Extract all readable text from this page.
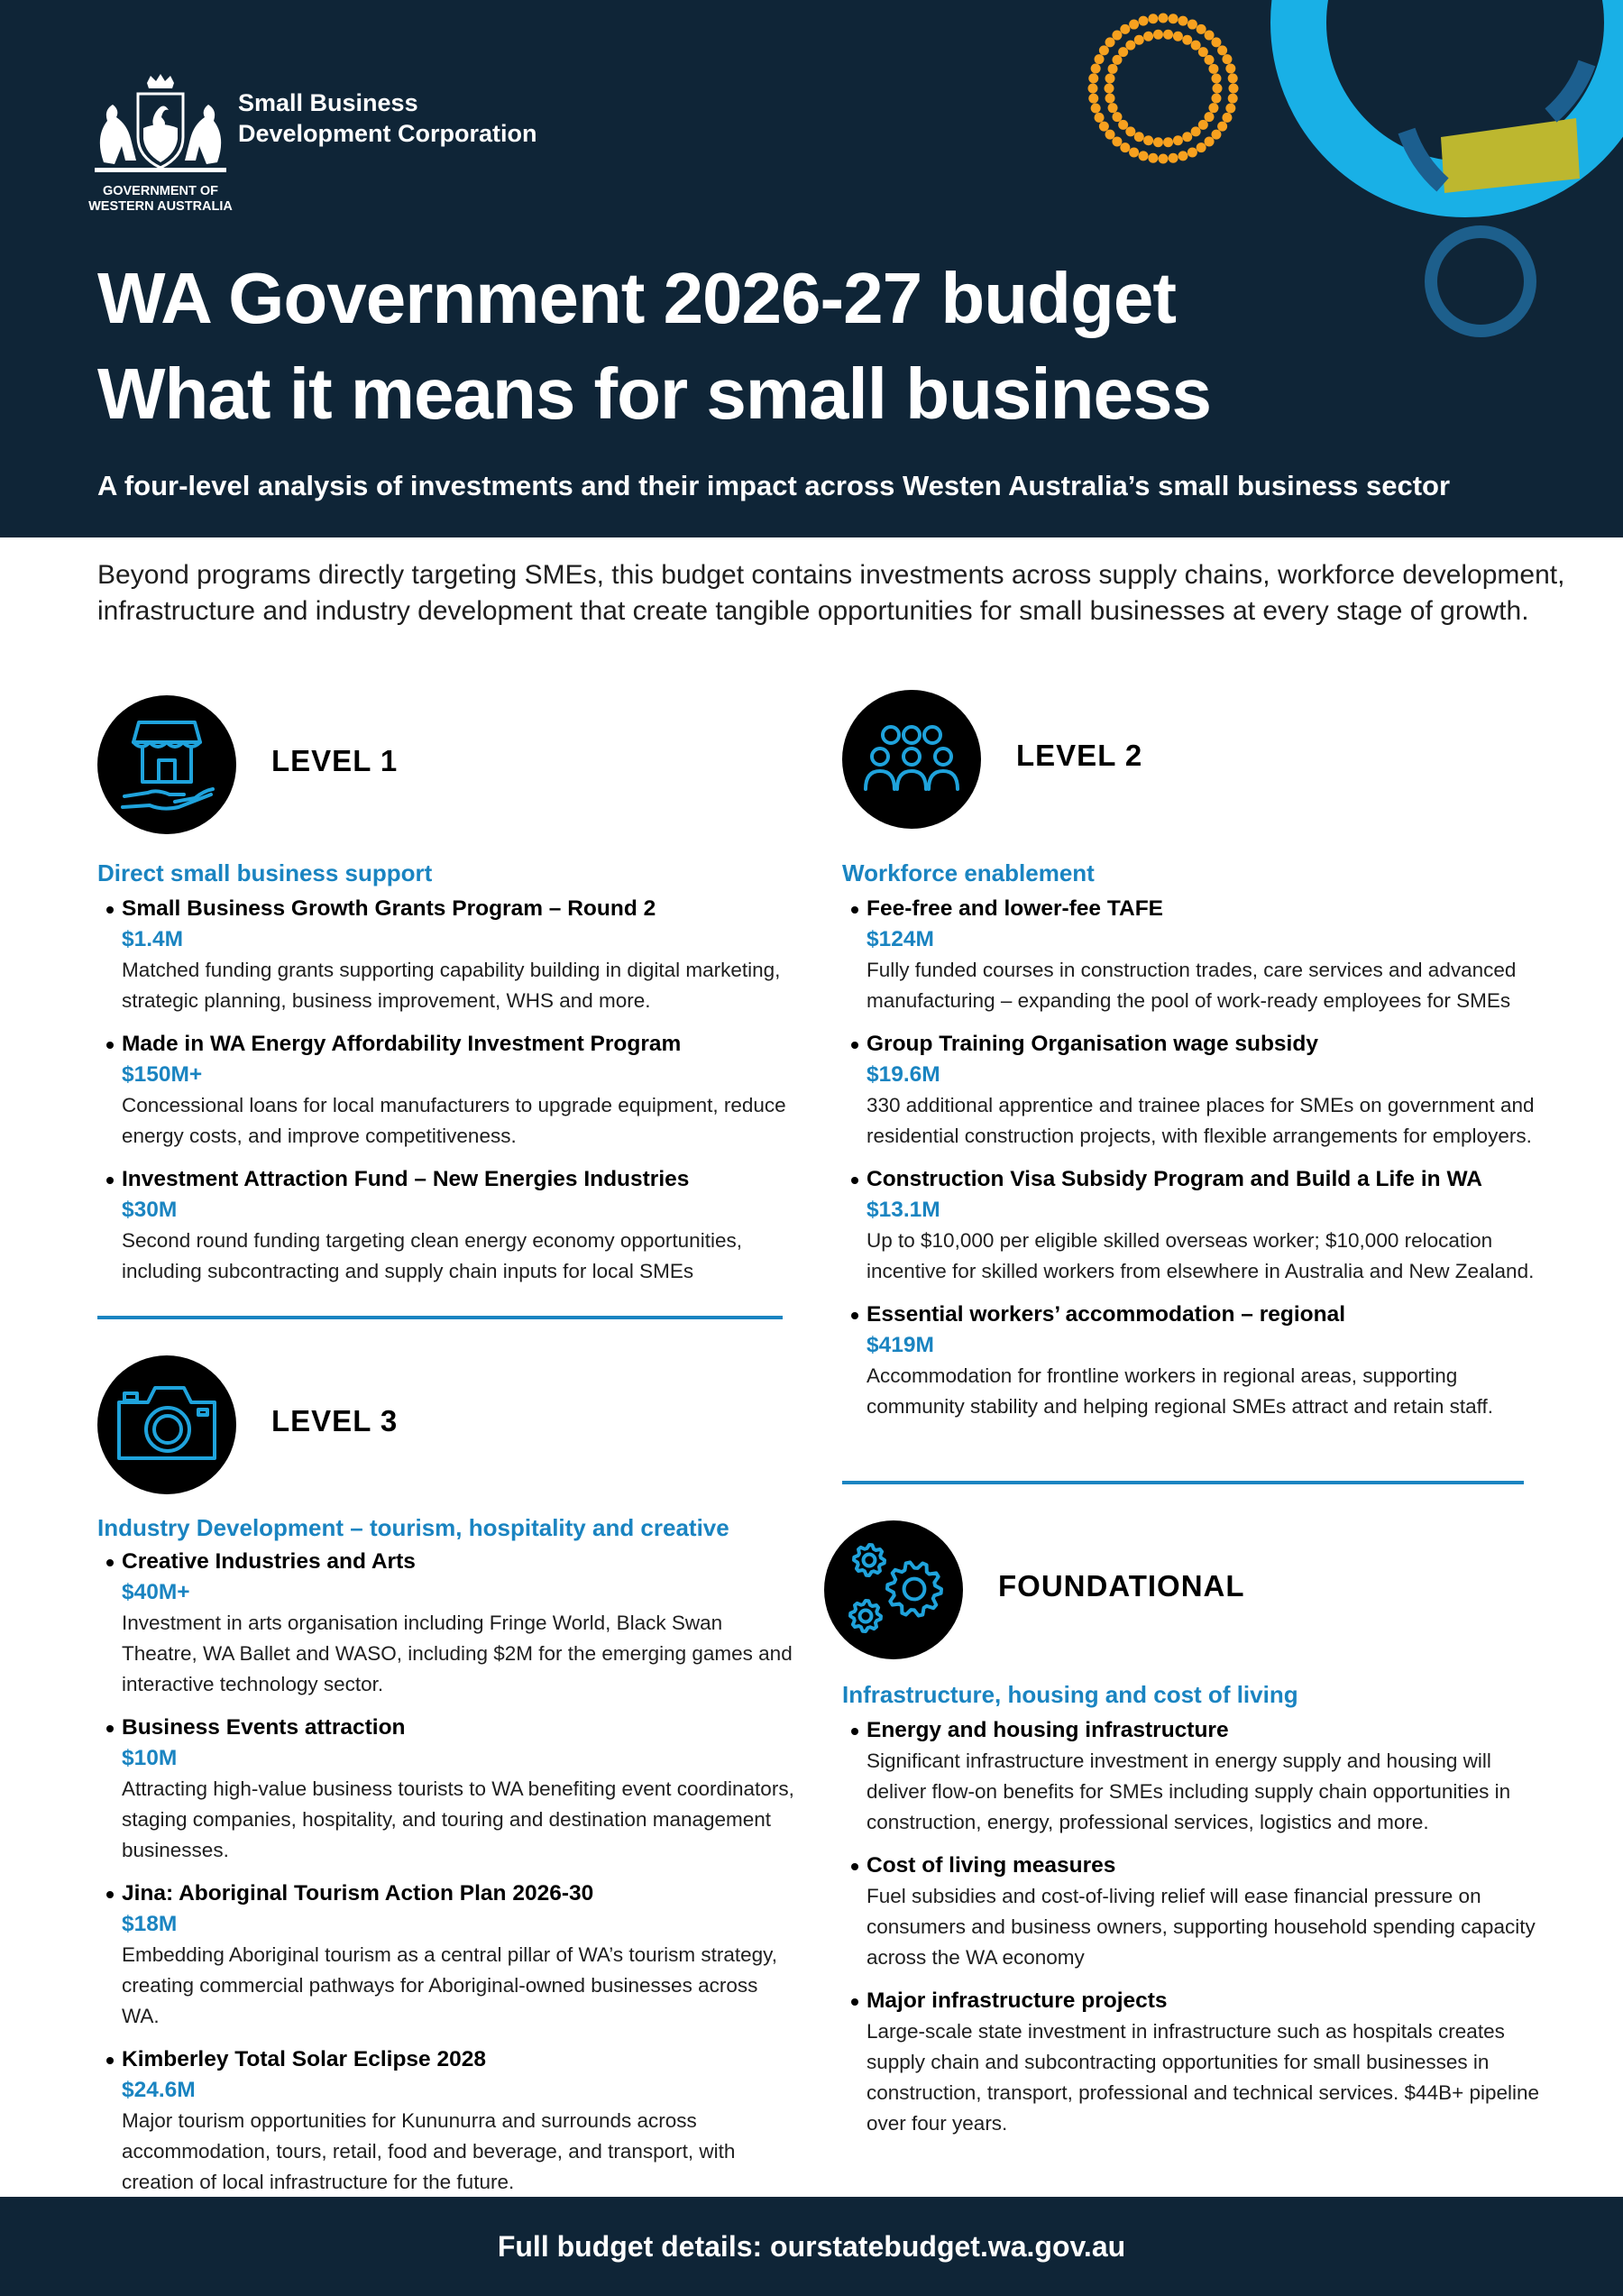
GOVERNMENT OF
WESTERN AUSTRALIA
Small Business
Development Corporation
WA Government 2026-27 budget
What it means for small business
A four-level analysis of investments and their impact across Westen Australia’s small business sector
Beyond programs directly targeting SMEs, this budget contains investments across supply chains, workforce development, infrastructure and industry development that create tangible opportunities for small businesses at every stage of growth.
LEVEL 1
Direct small business support
Small Business Growth Grants Program – Round 2
$1.4M
Matched funding grants supporting capability building in digital marketing, strategic planning, business improvement, WHS and more.
Made in WA Energy Affordability Investment Program
$150M+
Concessional loans for local manufacturers to upgrade equipment, reduce energy costs, and improve competitiveness.
Investment Attraction Fund – New Energies Industries
$30M
Second round funding targeting clean energy economy opportunities, including subcontracting and supply chain inputs for local SMEs
LEVEL 3
Industry Development – tourism, hospitality and creative
Creative Industries and Arts
$40M+
Investment in arts organisation including Fringe World, Black Swan Theatre, WA Ballet and WASO, including $2M for the emerging games and interactive technology sector.
Business Events attraction
$10M
Attracting high-value business tourists to WA benefiting event coordinators, staging companies, hospitality, and touring and destination management businesses.
Jina: Aboriginal Tourism Action Plan 2026-30
$18M
Embedding Aboriginal tourism as a central pillar of WA’s tourism strategy, creating commercial pathways for Aboriginal-owned businesses across WA.
Kimberley Total Solar Eclipse 2028
$24.6M
Major tourism opportunities for Kununurra and surrounds across accommodation, tours, retail, food and beverage, and transport, with creation of local infrastructure for the future.
LEVEL 2
Workforce enablement
Fee-free and lower-fee TAFE
$124M
Fully funded courses in construction trades, care services and advanced manufacturing – expanding the pool of work-ready employees for SMEs
Group Training Organisation wage subsidy
$19.6M
330 additional apprentice and trainee places for SMEs on government and residential construction projects, with flexible arrangements for employers.
Construction Visa Subsidy Program and Build a Life in WA
$13.1M
Up to $10,000 per eligible skilled overseas worker; $10,000 relocation incentive for skilled workers from elsewhere in Australia and New Zealand.
Essential workers’ accommodation – regional
$419M
Accommodation for frontline workers in regional areas, supporting community stability and helping regional SMEs attract and retain staff.
FOUNDATIONAL
Infrastructure, housing and cost of living
Energy and housing infrastructure
Significant infrastructure investment in energy supply and housing will deliver flow-on benefits for SMEs including supply chain opportunities in construction, energy, professional services, logistics and more.
Cost of living measures
Fuel subsidies and cost-of-living relief will ease financial pressure on consumers and business owners, supporting household spending capacity across the WA economy
Major infrastructure projects
Large-scale state investment in infrastructure such as hospitals creates supply chain and subcontracting opportunities for small businesses in construction, transport, professional and technical services. $44B+ pipeline over four years.
Full budget details: ourstatebudget.wa.gov.au
